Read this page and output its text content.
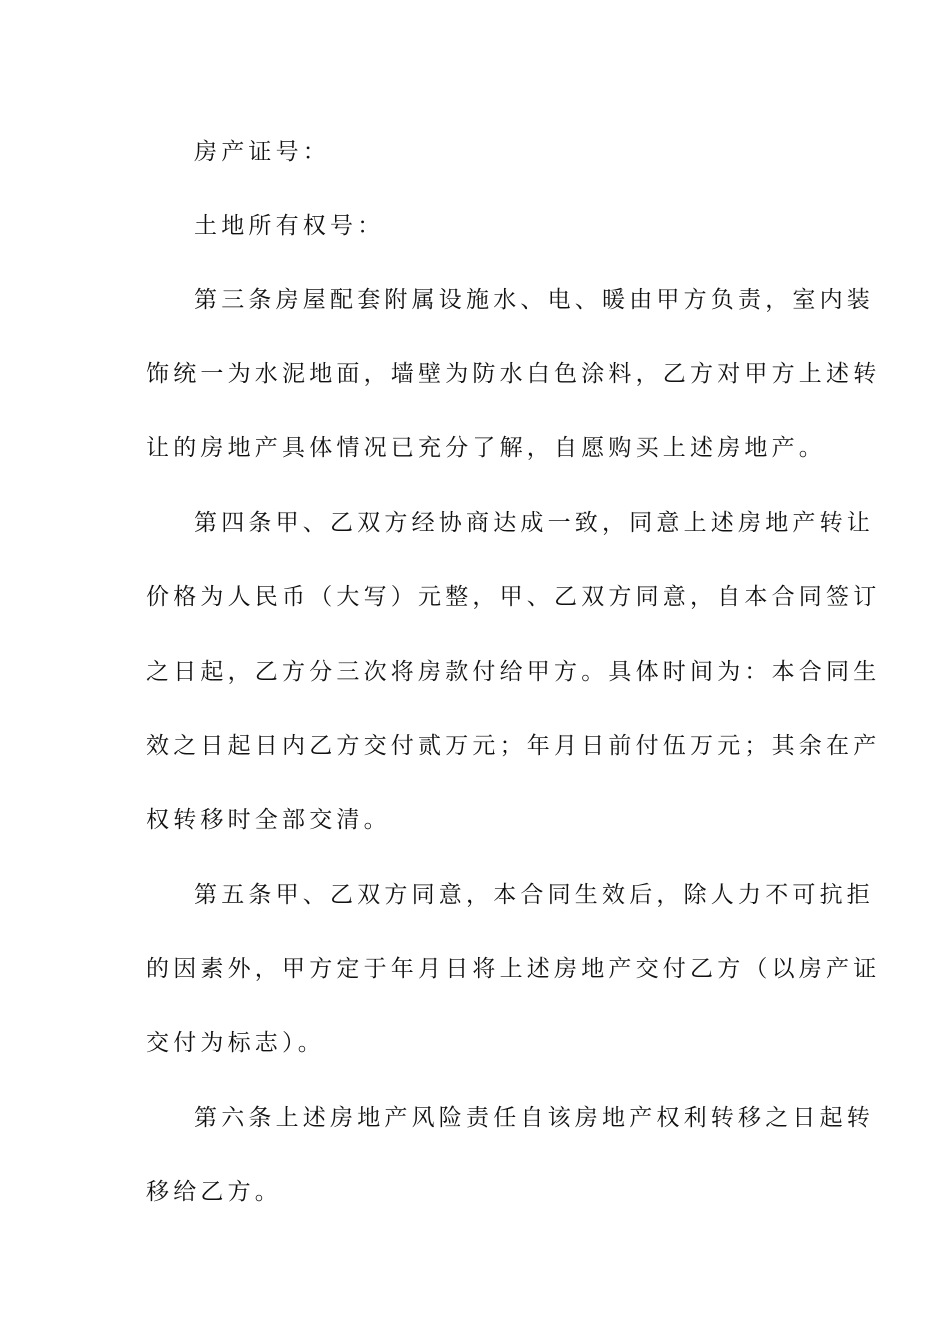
房产证号：
土地所有权号：
第三条房屋配套附属设施水、电、暖由甲方负责，室内装
饰统一为水泥地面，墙壁为防水白色涂料，乙方对甲方上述转
让的房地产具体情况已充分了解，自愿购买上述房地产。
第四条甲、乙双方经协商达成一致，同意上述房地产转让
价格为人民币（大写）元整，甲、乙双方同意，自本合同签订
之日起，乙方分三次将房款付给甲方。具体时间为：本合同生
效之日起日内乙方交付贰万元；年月日前付伍万元；其余在产
权转移时全部交清。
第五条甲、乙双方同意，本合同生效后，除人力不可抗拒
的因素外，甲方定于年月日将上述房地产交付乙方（以房产证
交付为标志）。
第六条上述房地产风险责任自该房地产权利转移之日起转
移给乙方。
